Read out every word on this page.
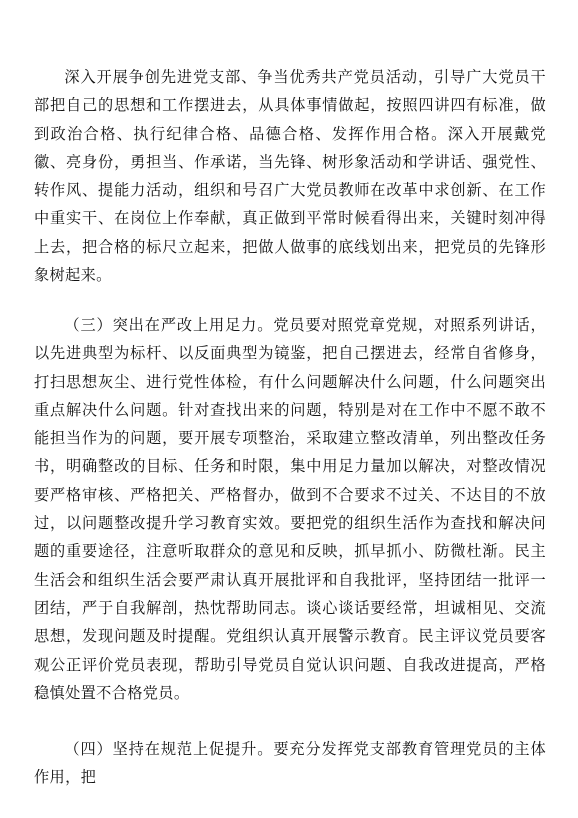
深入开展争创先进党支部、争当优秀共产党员活动，引导广大党员干部把自己的思想和工作摆进去，从具体事情做起，按照四讲四有标准，做到政治合格、执行纪律合格、品德合格、发挥作用合格。深入开展戴党徽、亮身份，勇担当、作承诺，当先锋、树形象活动和学讲话、强党性、转作风、提能力活动，组织和号召广大党员教师在改革中求创新、在工作中重实干、在岗位上作奉献，真正做到平常时候看得出来，关键时刻冲得上去，把合格的标尺立起来，把做人做事的底线划出来，把党员的先锋形象树起来。

（三）突出在严改上用足力。党员要对照党章党规，对照系列讲话，以先进典型为标杆、以反面典型为镜鉴，把自己摆进去，经常自省修身，打扫思想灰尘、进行党性体检，有什么问题解决什么问题，什么问题突出重点解决什么问题。针对查找出来的问题，特别是对在工作中不愿不敢不能担当作为的问题，要开展专项整治，采取建立整改清单，列出整改任务书，明确整改的目标、任务和时限，集中用足力量加以解决，对整改情况要严格审核、严格把关、严格督办，做到不合要求不过关、不达目的不放过，以问题整改提升学习教育实效。要把党的组织生活作为查找和解决问题的重要途径，注意听取群众的意见和反映，抓早抓小、防微杜渐。民主生活会和组织生活会要严肃认真开展批评和自我批评，坚持团结一批评一团结，严于自我解剖，热忱帮助同志。谈心谈话要经常，坦诚相见、交流思想，发现问题及时提醒。党组织认真开展警示教育。民主评议党员要客观公正评价党员表现，帮助引导党员自觉认识问题、自我改进提高，严格稳慎处置不合格党员。

（四）坚持在规范上促提升。要充分发挥党支部教育管理党员的主体作用，把
